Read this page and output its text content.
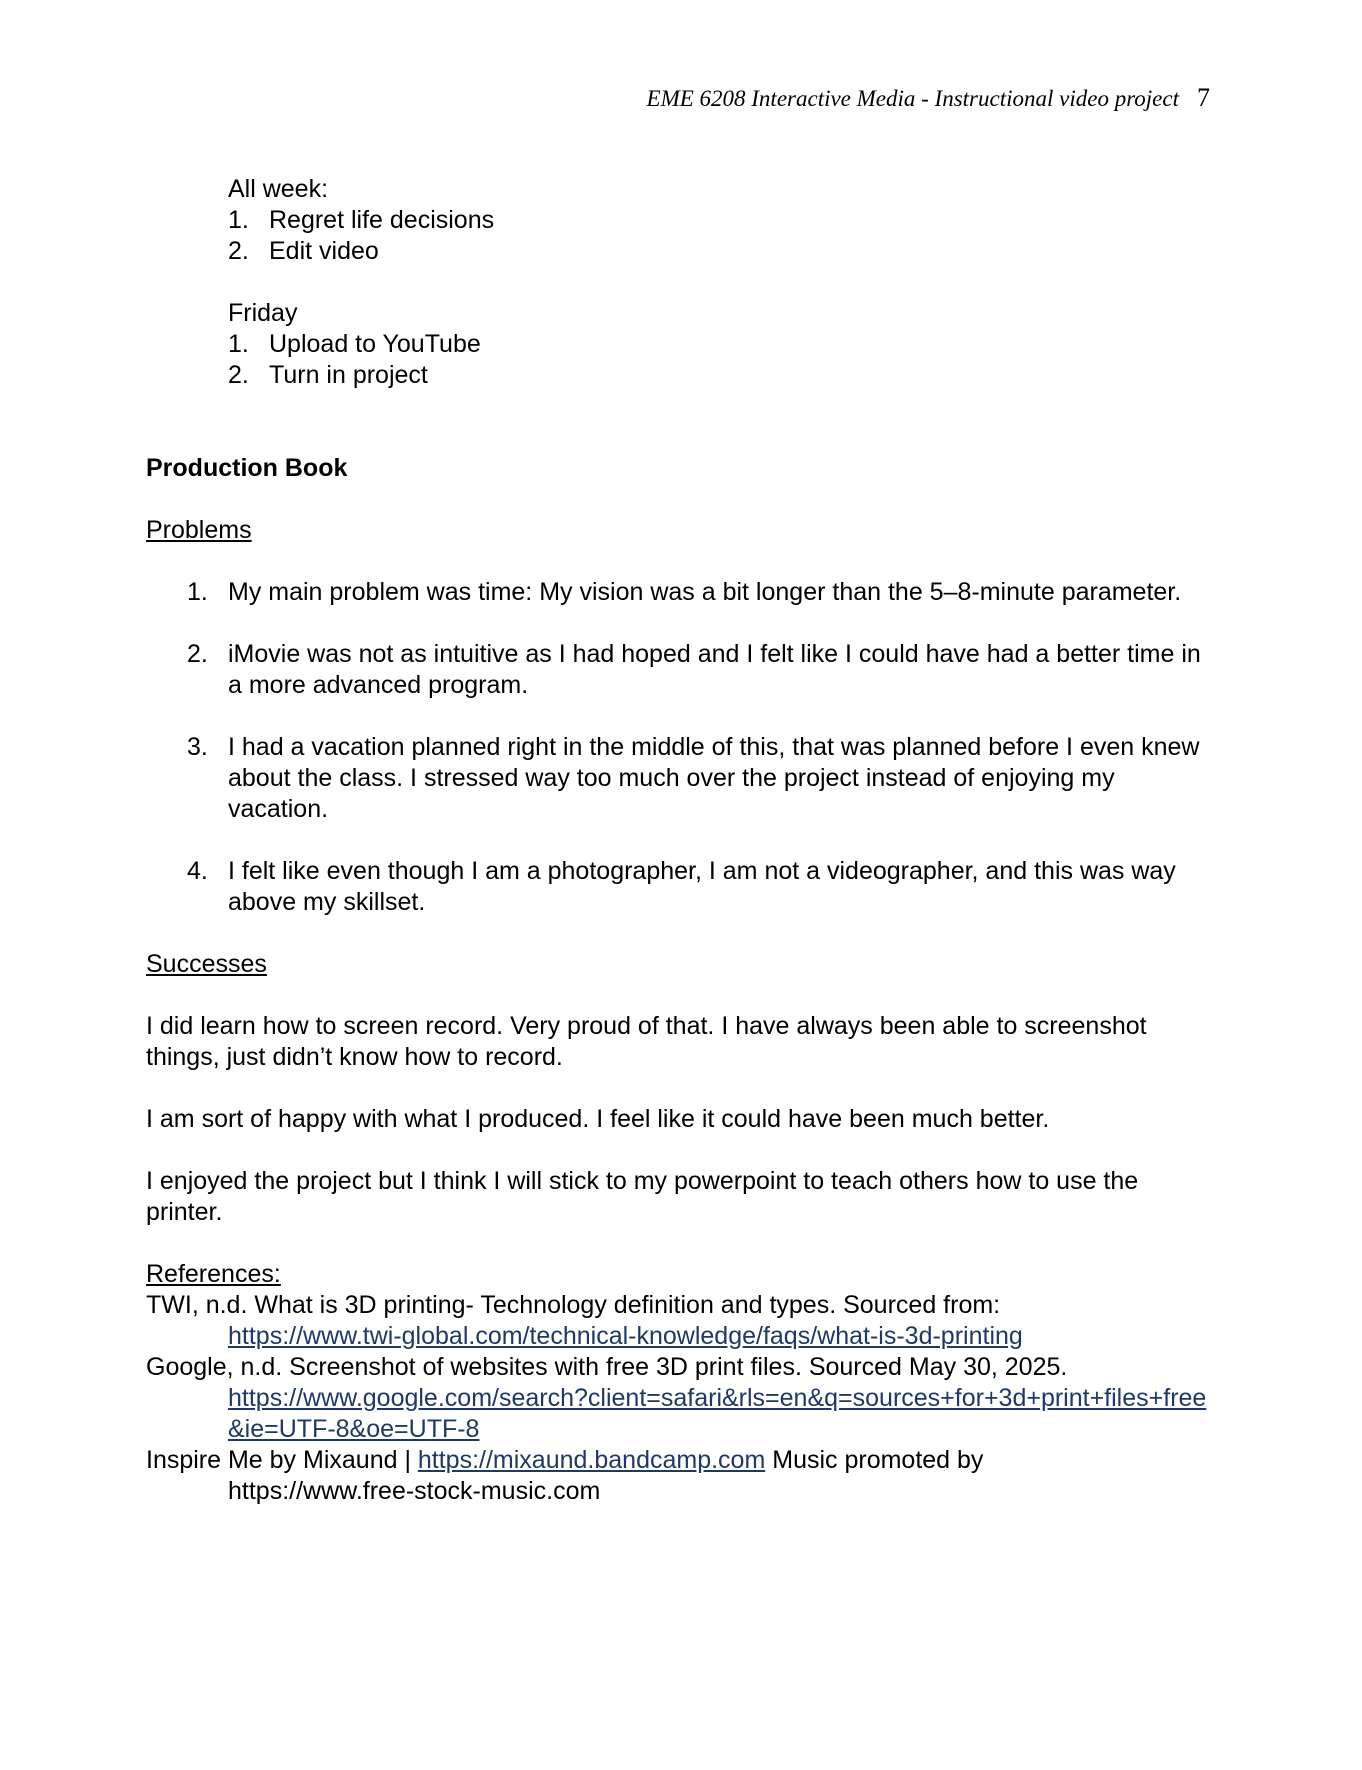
EME 6208 Interactive Media - Instructional video project 7

All week:

1. Regret life decisions
2. Edit video

Friday

1. Upload to YouTube
2. Turn in project

Production Book

Problems

1. My main problem was time: My vision was a bit longer than the 5–8-minute parameter.
2. iMovie was not as intuitive as I had hoped and I felt like I could have had a better time in a more advanced program.
3. I had a vacation planned right in the middle of this, that was planned before I even knew about the class. I stressed way too much over the project instead of enjoying my vacation.
4. I felt like even though I am a photographer, I am not a videographer, and this was way above my skillset.

Successes

I did learn how to screen record. Very proud of that. I have always been able to screenshot things, just didn’t know how to record.

I am sort of happy with what I produced. I feel like it could have been much better.

I enjoyed the project but I think I will stick to my powerpoint to teach others how to use the printer.

References:

TWI, n.d. What is 3D printing- Technology definition and types. Sourced from:
https://www.twi-global.com/technical-knowledge/faqs/what-is-3d-printing
Google, n.d. Screenshot of websites with free 3D print files. Sourced May 30, 2025.
https://www.google.com/search?client=safari&rls=en&q=sources+for+3d+print+files+free&ie=UTF-8&oe=UTF-8
Inspire Me by Mixaund | https://mixaund.bandcamp.com Music promoted by
https://www.free-stock-music.com
